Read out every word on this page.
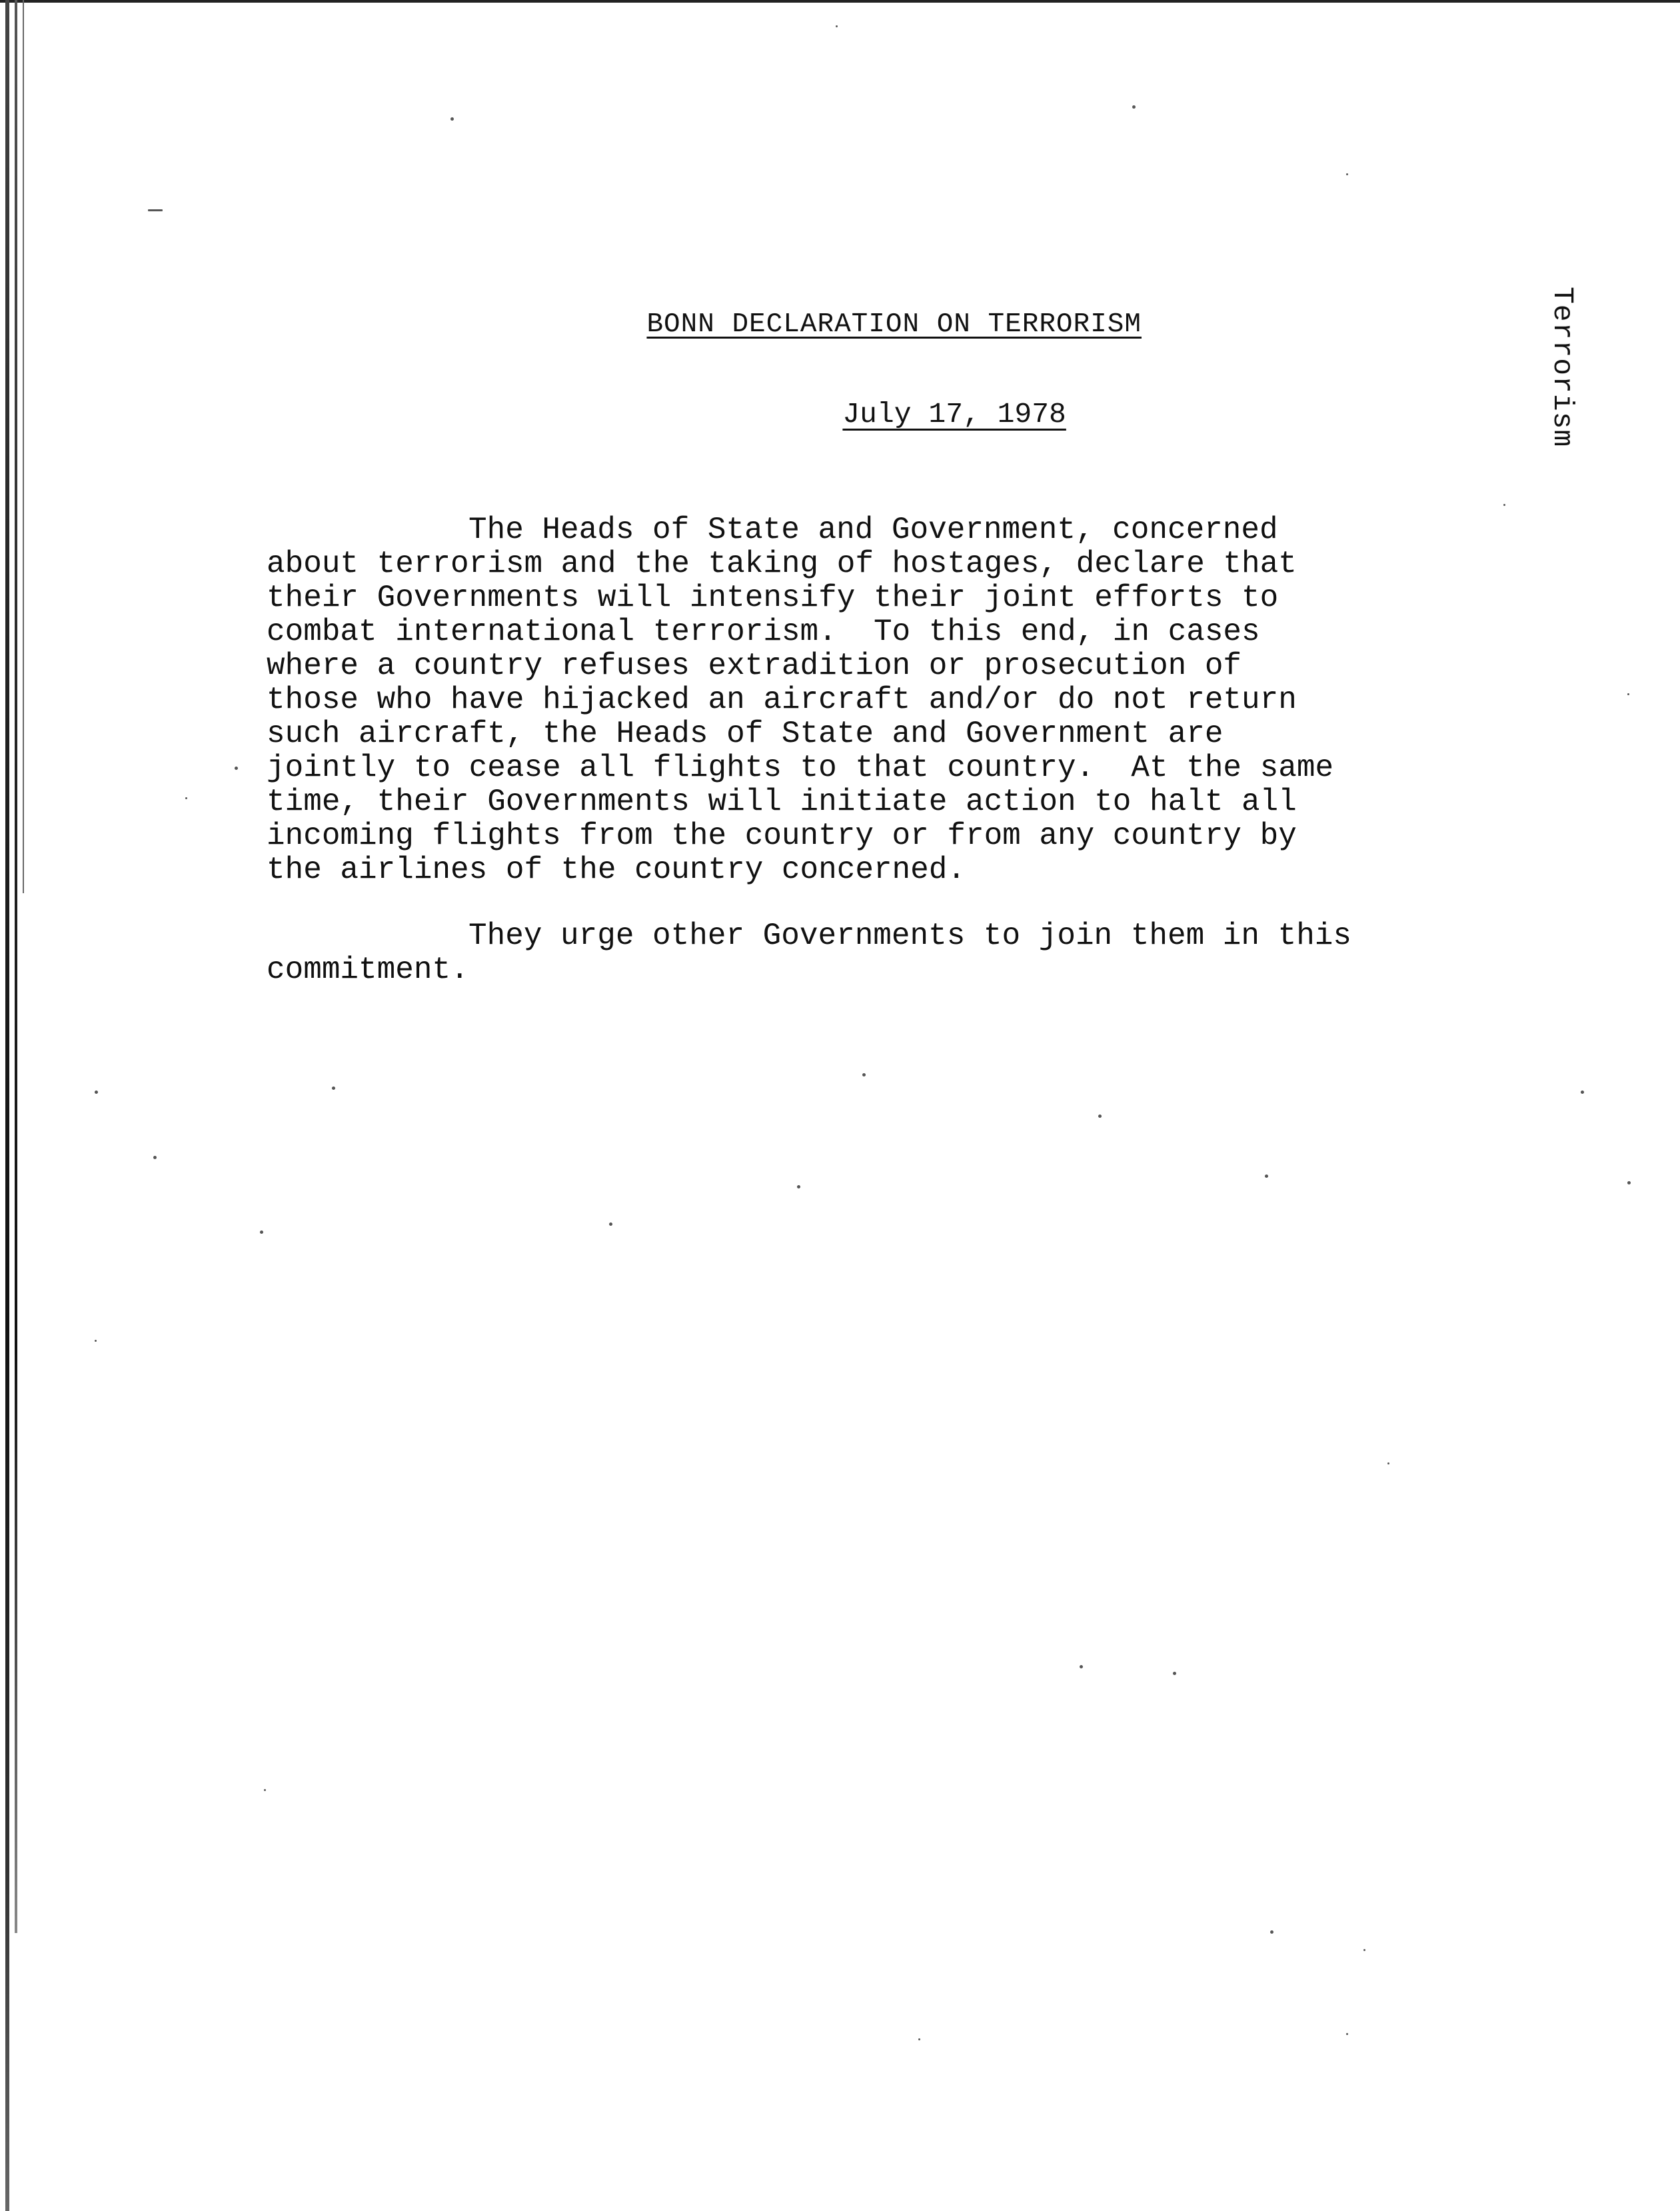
BONN DECLARATION ON TERRORISM

July 17, 1978
	Terrorism
The Heads of State and Government, concerned
about terrorism and the taking of hostages, declare that
their Governments will intensify their joint efforts to
combat international terrorism.  To this end, in cases
where a country refuses extradition or prosecution of
those who have hijacked an aircraft and/or do not return
such aircraft, the Heads of State and Government are
jointly to cease all flights to that country.  At the same
time, their Governments will initiate action to halt all
incoming flights from the country or from any country by
the airlines of the country concerned.
They urge other Governments to join them in this
commitment.
